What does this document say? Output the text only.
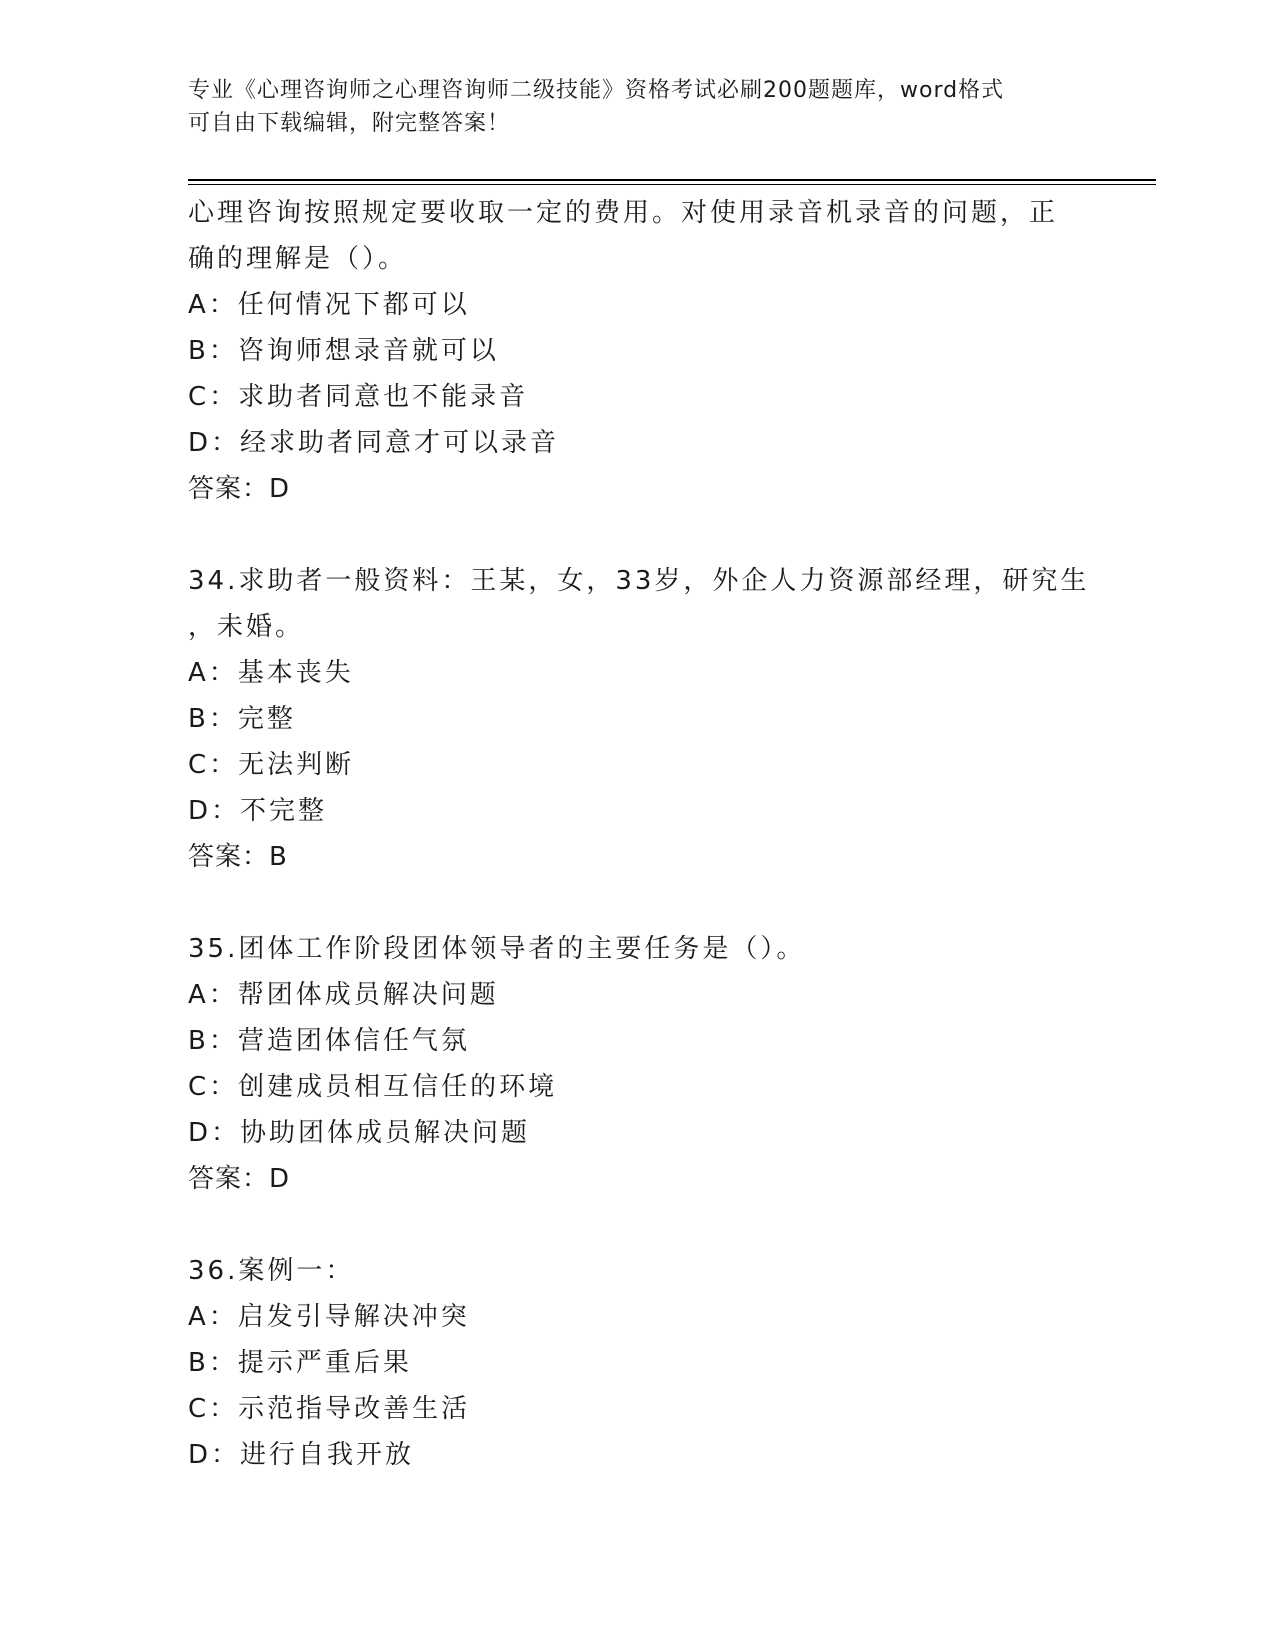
专业《心理咨询师之心理咨询师二级技能》资格考试必刷200题题库，word格式
可自由下载编辑，附完整答案！
心理咨询按照规定要收取一定的费用。对使用录音机录音的问题，正
确的理解是（）。
A：任何情况下都可以
B：咨询师想录音就可以
C：求助者同意也不能录音
D：经求助者同意才可以录音
答案：D
34.求助者一般资料：王某，女，33岁，外企人力资源部经理，研究生
，未婚。
A：基本丧失
B：完整
C：无法判断
D：不完整
答案：B
35.团体工作阶段团体领导者的主要任务是（）。
A：帮团体成员解决问题
B：营造团体信任气氛
C：创建成员相互信任的环境
D：协助团体成员解决问题
答案：D
36.案例一：
A：启发引导解决冲突
B：提示严重后果
C：示范指导改善生活
D：进行自我开放
